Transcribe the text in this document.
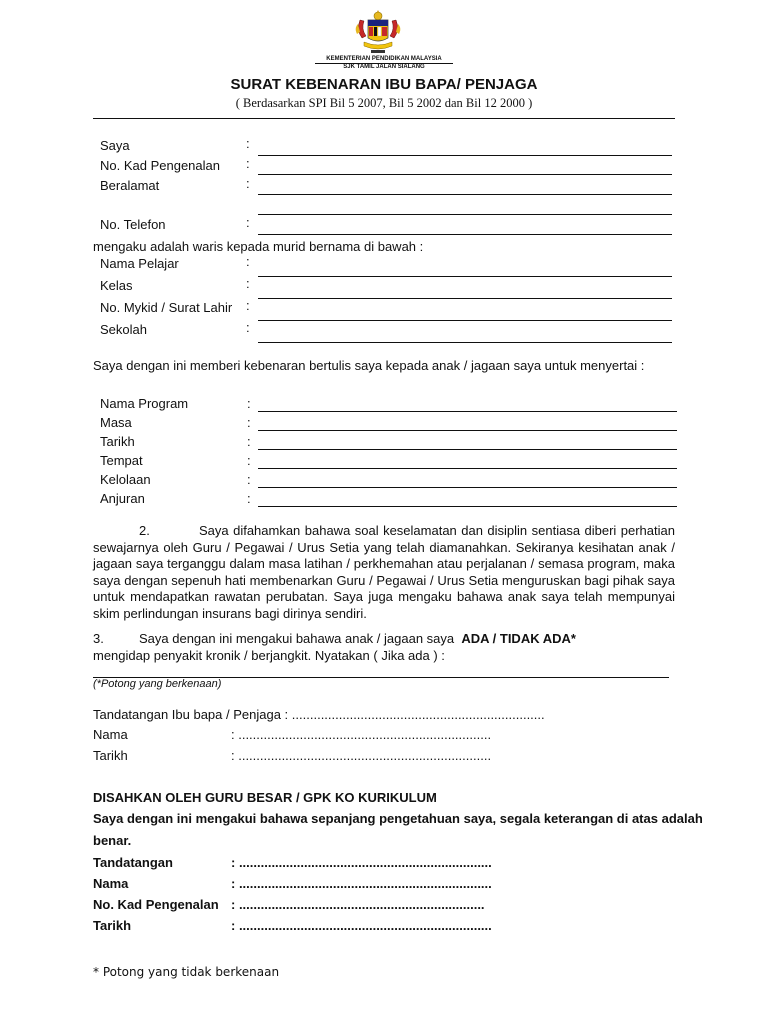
KEMENTERIAN PENDIDIKAN MALAYSIA
SJK TAMIL JALAN SIALANG
SURAT KEBENARAN IBU BAPA/ PENJAGA
( Berdasarkan SPI Bil 5 2007, Bil 5 2002 dan Bil 12 2000 )
Saya	:
No. Kad Pengenalan :
Beralamat	:
No. Telefon	:
mengaku adalah waris kepada murid bernama di bawah :
Nama Pelajar	:
Kelas	:
No. Mykid / Surat Lahir :
Sekolah	:
Saya dengan ini memberi kebenaran bertulis saya kepada anak / jagaan saya untuk menyertai :
Nama Program	:
Masa	:
Tarikh	:
Tempat	:
Kelolaan	:
Anjuran	:
2.	Saya difahamkan bahawa soal keselamatan dan disiplin sentiasa diberi perhatian sewajarnya oleh Guru / Pegawai / Urus Setia yang telah diamanahkan. Sekiranya kesihatan anak / jagaan saya terganggu dalam masa latihan / perkhemahan atau perjalanan / semasa program, maka saya dengan sepenuh hati membenarkan Guru / Pegawai / Urus Setia menguruskan bagi pihak saya untuk mendapatkan rawatan perubatan. Saya juga mengaku bahawa anak saya telah mempunyai skim perlindungan insurans bagi dirinya sendiri.
3.	Saya dengan ini mengakui bahawa anak / jagaan saya ADA / TIDAK ADA*
mengidap penyakit kronik / berjangkit. Nyatakan ( Jika ada ) :
(*Potong yang berkenaan)
Tandatangan Ibu bapa / Penjaga : ......................................................................
Nama	: ......................................................................
Tarikh	: ......................................................................
DISAHKAN OLEH GURU BESAR / GPK KO KURIKULUM
Saya dengan ini mengakui bahawa sepanjang pengetahuan saya, segala keterangan di atas adalah
benar.
Tandatangan	: ......................................................................
Nama	: ......................................................................
No. Kad Pengenalan : ....................................................................
Tarikh	: ......................................................................
* Potong yang tidak berkenaan
